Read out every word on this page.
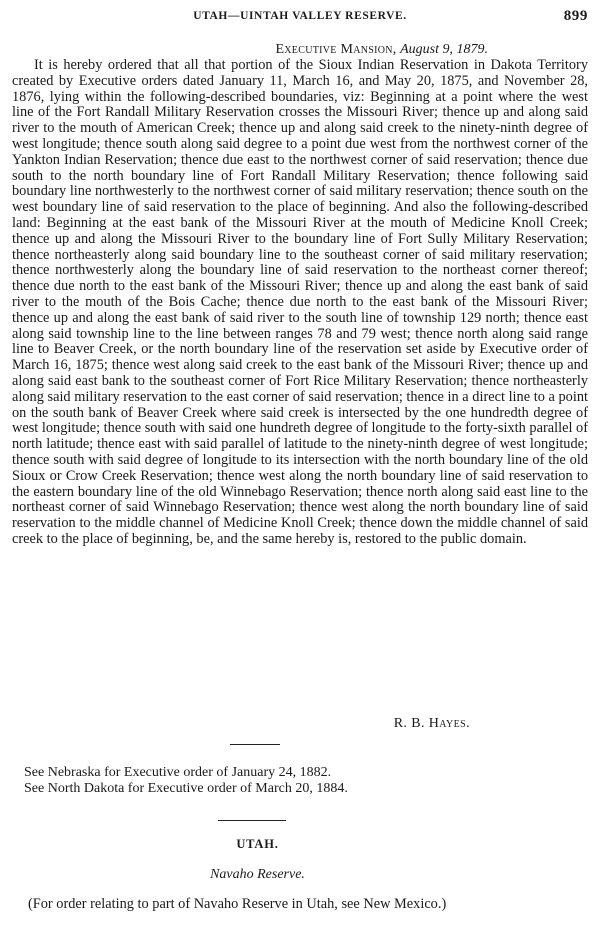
UTAH—UINTAH VALLEY RESERVE.	899
Executive Mansion, August 9, 1879.
It is hereby ordered that all that portion of the Sioux Indian Reservation in Dakota Territory created by Executive orders dated January 11, March 16, and May 20, 1875, and November 28, 1876, lying within the following-described boundaries, viz: Beginning at a point where the west line of the Fort Randall Military Reservation crosses the Missouri River; thence up and along said river to the mouth of American Creek; thence up and along said creek to the ninety-ninth degree of west longitude; thence south along said degree to a point due west from the northwest corner of the Yankton Indian Reservation; thence due east to the northwest corner of said reservation; thence due south to the north boundary line of Fort Randall Military Reservation; thence following said boundary line northwesterly to the northwest corner of said military reservation; thence south on the west boundary line of said reservation to the place of beginning. And also the following-described land: Beginning at the east bank of the Missouri River at the mouth of Medicine Knoll Creek; thence up and along the Missouri River to the boundary line of Fort Sully Military Reservation; thence northeasterly along said boundary line to the southeast corner of said military reservation; thence northwesterly along the boundary line of said reservation to the northeast corner thereof; thence due north to the east bank of the Missouri River; thence up and along the east bank of said river to the mouth of the Bois Cache; thence due north to the east bank of the Missouri River; thence up and along the east bank of said river to the south line of township 129 north; thence east along said township line to the line between ranges 78 and 79 west; thence north along said range line to Beaver Creek, or the north boundary line of the reservation set aside by Executive order of March 16, 1875; thence west along said creek to the east bank of the Missouri River; thence up and along said east bank to the southeast corner of Fort Rice Military Reservation; thence northeasterly along said military reservation to the east corner of said reservation; thence in a direct line to a point on the south bank of Beaver Creek where said creek is intersected by the one hundredth degree of west longitude; thence south with said one hundreth degree of longitude to the forty-sixth parallel of north latitude; thence east with said parallel of latitude to the ninety-ninth degree of west longitude; thence south with said degree of longitude to its intersection with the north boundary line of the old Sioux or Crow Creek Reservation; thence west along the north boundary line of said reservation to the eastern boundary line of the old Winnebago Reservation; thence north along said east line to the northeast corner of said Winnebago Reservation; thence west along the north boundary line of said reservation to the middle channel of Medicine Knoll Creek; thence down the middle channel of said creek to the place of beginning, be, and the same hereby is, restored to the public domain.
R. B. Hayes.
See Nebraska for Executive order of January 24, 1882.
See North Dakota for Executive order of March 20, 1884.
UTAH.
Navaho Reserve.
(For order relating to part of Navaho Reserve in Utah, see New Mexico.)
